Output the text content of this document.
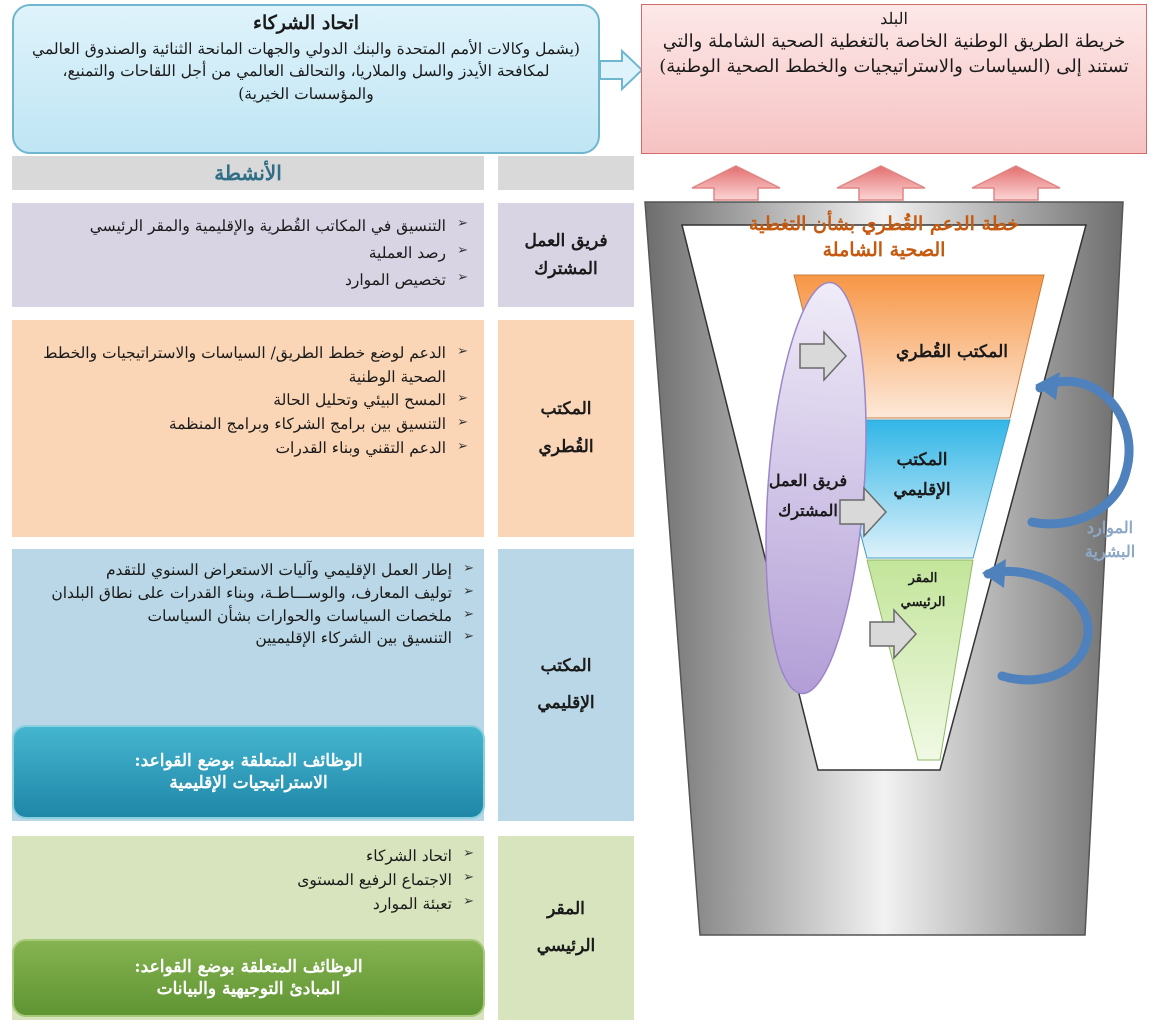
اتحاد الشركاء
(يشمل وكالات الأمم المتحدة والبنك الدولي والجهات المانحة الثنائية والصندوق العالمي لمكافحة الأيدز والسل والملاريا، والتحالف العالمي من أجل اللقاحات والتمنيع، والمؤسسات الخيرية)
البلد
خريطة الطريق الوطنية الخاصة بالتغطية الصحية الشاملة والتي تستند إلى (السياسات والاستراتيجيات والخطط الصحية الوطنية)
الأنشطة
➢ التنسيق في المكاتب القُطرية والإقليمية والمقر الرئيسي
➢ رصد العملية
➢ تخصيص الموارد
فريق العمل
المشترك
➢ الدعم لوضع خطط الطريق/ السياسات والاستراتيجيات والخطط الصحية الوطنية
➢ المسح البيئي وتحليل الحالة
➢ التنسيق بين برامج الشركاء وبرامج المنظمة
➢ الدعم التقني وبناء القدرات
المكتب
القُطري
➢ إطار العمل الإقليمي وآليات الاستعراض السنوي للتقدم
➢ توليف المعارف، والوســـاطـة، وبناء القدرات على نطاق البلدان
➢ ملخصات السياسات والحوارات بشأن السياسات
➢ التنسيق بين الشركاء الإقليميين
المكتب
الإقليمي
الوظائف المتعلقة بوضع القواعد:
الاستراتيجيات الإقليمية
➢ اتحاد الشركاء
➢ الاجتماع الرفيع المستوى
➢ تعبئة الموارد	المقر
الرئيسي
الوظائف المتعلقة بوضع القواعد:
المبادئ التوجيهية والبيانات
خطة الدعم القُطري بشأن التغطية
الصحية الشاملة
المكتب القُطري
المكتب
الإقليمي
المقر
الرئيسي
فريق العمل
المشترك
الموارد
البشرية
